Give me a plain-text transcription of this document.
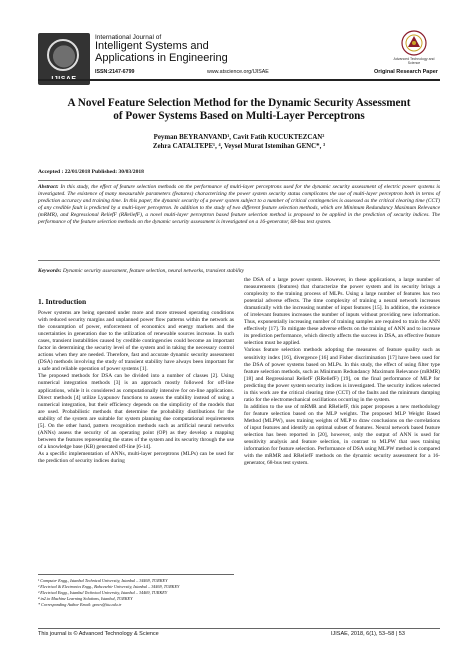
International Journal of
Intelligent Systems and
Applications in Engineering
ISSN:2147-6799	www.atscience.org/IJISAE
Advanced Technology and Science
Original Research Paper
A Novel Feature Selection Method for the Dynamic Security Assessment
of Power Systems Based on Multi-Layer Perceptrons
Peyman BEYRANVAND¹, Cavit Fatih KUCUKTEZCAN²
Zehra CATALTEPE¹, ⁴, Veysel Murat Istemihan GENC*, ³
Accepted : 22/01/2018 Published: 30/03/2018
Abstract: In this study, the effect of feature selection methods on the performance of multi-layer perceptrons used for the dynamic security assessment of electric power systems is investigated. The existence of many measurable parameters (features) characterizing the power system security status complicates the use of multi-layer perceptron both in terms of prediction accuracy and training time. In this paper, the dynamic security of a power system subject to a number of critical contingencies is assessed as the critical clearing time (CCT) of any credible fault is predicted by a multi-layer perceptron. In addition to the study of two different feature selection methods, which are Minimum Redundancy Maximum Relevance (mRMR), and Regressional ReliefF (RReliefF), a novel multi-layer perceptron based feature selection method is proposed to be applied in the prediction of security indices. The performance of the feature selection methods on the dynamic security assessment is investigated on a 16-generator, 68-bus test system.
Keywords: Dynamic security assessment, feature selection, neural networks, transient stability
1. Introduction

Power systems are being operated under more and more stressed operating conditions with reduced security margins and unplanned power flow patterns within the network as the consumption of power, enforcement of economics and energy markets and the uncertainties in generation due to the utilization of renewable sources increase. In such cases, transient instabilities caused by credible contingencies could become an important factor in determining the security level of the system and in taking the necessary control actions when they are needed. Therefore, fast and accurate dynamic security assessment (DSA) methods involving the study of transient stability have always been important for a safe and reliable operation of power systems [1].

The proposed methods for DSA can be divided into a number of classes [2]. Using numerical integration methods [3] is an approach mostly followed for off-line applications, while it is considered as computationally intensive for on-line applications. Direct methods [4] utilize Lyapunov functions to assess the stability instead of using a numerical integration, but their efficiency depends on the simplicity of the models that are used. Probabilistic methods that determine the probability distributions for the stability of the system are suitable for system planning due computational requirements [5]. On the other hand, pattern recognition methods such as artificial neural networks (ANNs) assess the security of an operating point (OP) as they develop a mapping between the features representing the states of the system and its security through the use of a knowledge base (KB) generated off-line [6-14].

As a specific implementation of ANNs, multi-layer perceptrons (MLPs) can be used for the prediction of security indices during

¹ Computer Engg., Istanbul Technical University, Istanbul – 34469, TURKEY
² Electrical & Electronics Engg., Bahcesehir University, Istanbul – 34469, TURKEY
³ Electrical Engg., Istanbul Technical University, Istanbul – 34469, TURKEY
⁴ in2.io Machine Learning Solutions, Istanbul, TURKEY
* Corresponding Author Email: gencv@itu.edu.tr

the DSA of a large power system. However, in these applications, a large number of measurements (features) that characterize the power system and its security brings a complexity to the training process of MLPs. Using a large number of features has two potential adverse effects. The time complexity of training a neural network increases dramatically with the increasing number of input features [15]. In addition, the existence of irrelevant features increases the number of inputs without providing new information. Thus, exponentially increasing number of training samples are required to train the ANN effectively [17]. To mitigate these adverse effects on the training of ANN and to increase its prediction performance, which directly affects the success in DSA, an effective feature selection must be applied.

Various feature selection methods adopting the measures of feature quality such as sensitivity index [16], divergence [16] and Fisher discrimination [17] have been used for the DSA of power systems based on MLPs. In this study, the effect of using filter type feature selection methods, such as Minimum Redundancy Maximum Relevance (mRMR) [18] and Regressional ReliefF (RReliefF) [19], on the final performance of MLP for predicting the power system security indices is investigated. The security indices selected in this work are the critical clearing time (CCT) of the faults and the minimum damping ratio for the electromechanical oscillations occurring in the system.

In addition to the use of mRMR and RReliefF, this paper proposes a new methodology for feature selection based on the MLP weights. The proposed MLP Weight Based Method (MLPW), uses training weights of MLP to draw conclusions on the correlations of input features and identify an optimal subset of features. Neural network based feature selection has been reported in [20], however, only the output of ANN is used for sensitivity analysis and feature selection, in contrast to MLPW that uses training information for feature selection. Performance of DSA using MLPW method is compared with the mRMR and RReliefF methods on the dynamic security assessment for a 16-generator, 68-bus test system.

This journal is © Advanced Technology & Science	IJISAE, 2018, 6(1), 53–58 | 53
